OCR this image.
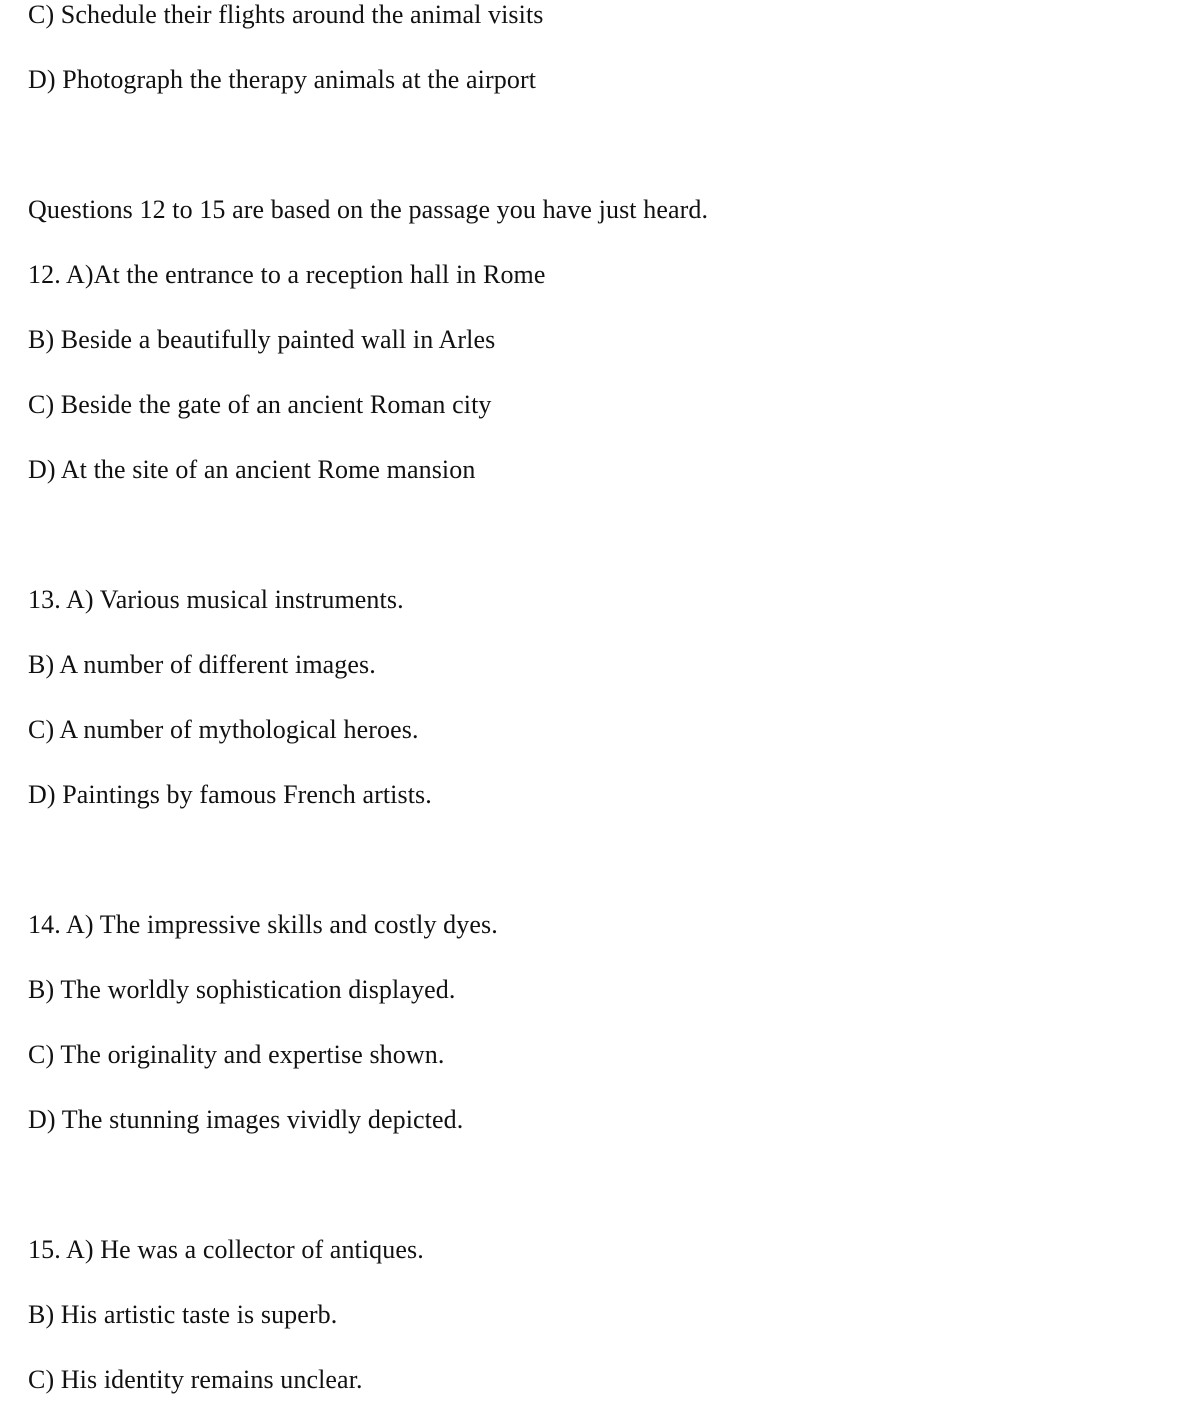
C) Schedule their flights around the animal visits
D) Photograph the therapy animals at the airport
Questions 12 to 15 are based on the passage you have just heard.
12. A)At the entrance to a reception hall in Rome
B) Beside a beautifully painted wall in Arles
C) Beside the gate of an ancient Roman city
D) At the site of an ancient Rome mansion
13. A) Various musical instruments.
B) A number of different images.
C) A number of mythological heroes.
D) Paintings by famous French artists.
14. A) The impressive skills and costly dyes.
B) The worldly sophistication displayed.
C) The originality and expertise shown.
D) The stunning images vividly depicted.
15. A) He was a collector of antiques.
B) His artistic taste is superb.
C) His identity remains unclear.
